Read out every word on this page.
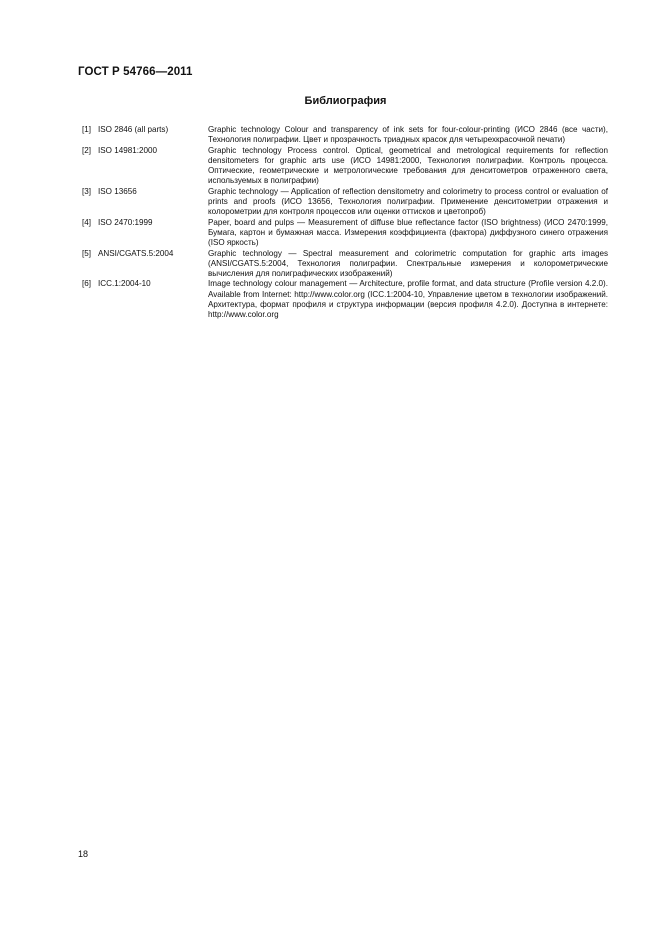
ГОСТ Р 54766—2011
Библиография
[1] ISO 2846 (all parts)	Graphic technology Colour and transparency of ink sets for four-colour-printing (ИСО 2846 (все части), Технология полиграфии. Цвет и прозрачность триадных красок для четырехкрасочной печати)
[2] ISO 14981:2000	Graphic technology Process control. Optical, geometrical and metrological requirements for reflection densitometers for graphic arts use (ИСО 14981:2000, Технология полиграфии. Контроль процесса. Оптические, геометрические и метрологические требования для денситометров отраженного света, используемых в полиграфии)
[3] ISO 13656	Graphic technology — Application of reflection densitometry and colorimetry to process control or evaluation of prints and proofs (ИСО 13656, Технология полиграфии. Применение денситометрии отражения и колорометрии для контроля процессов или оценки оттисков и цветопроб)
[4] ISO 2470:1999	Paper, board and pulps — Measurement of diffuse blue reflectance factor (ISO brightness) (ИСО 2470:1999, Бумага, картон и бумажная масса. Измерения коэффициента (фактора) диффузного синего отражения (ISO яркость)
[5] ANSI/CGATS.5:2004	Graphic technology — Spectral measurement and colorimetric computation for graphic arts images (ANSI/CGATS.5:2004, Технология полиграфии. Спектральные измерения и колорометрические вычисления для полиграфических изображений)
[6] ICC.1:2004-10	Image technology colour management — Architecture, profile format, and data structure (Profile version 4.2.0). Available from Internet: http://www.color.org (ICC.1:2004-10, Управление цветом в технологии изображений. Архитектура, формат профиля и структура информации (версия профиля 4.2.0). Доступна в интернете: http://www.color.org
18
